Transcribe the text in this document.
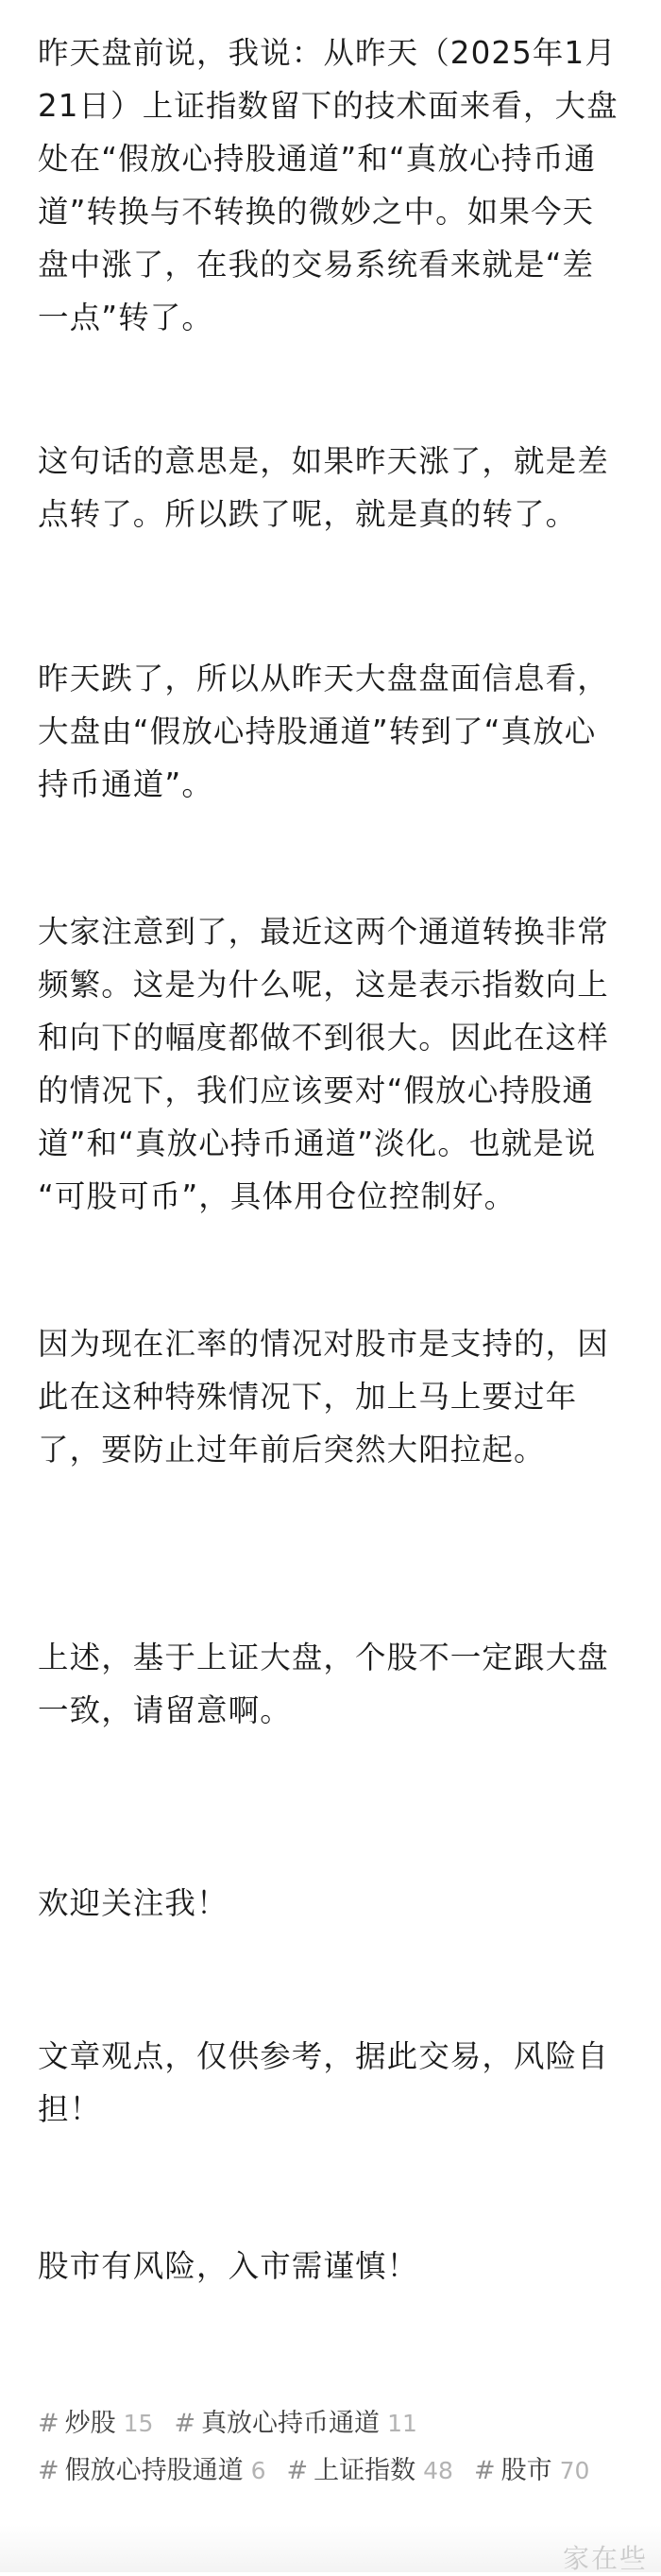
昨天盘前说，我说：从昨天（2025年1月
21日）上证指数留下的技术面来看，大盘
处在“假放心持股通道”和“真放心持币通
道”转换与不转换的微妙之中。如果今天
盘中涨了，在我的交易系统看来就是“差
一点”转了。

这句话的意思是，如果昨天涨了，就是差
点转了。所以跌了呢，就是真的转了。

昨天跌了，所以从昨天大盘盘面信息看，
大盘由“假放心持股通道”转到了“真放心
持币通道”。

大家注意到了，最近这两个通道转换非常
频繁。这是为什么呢，这是表示指数向上
和向下的幅度都做不到很大。因此在这样
的情况下，我们应该要对“假放心持股通
道”和“真放心持币通道”淡化。也就是说
“可股可币”，具体用仓位控制好。

因为现在汇率的情况对股市是支持的，因
此在这种特殊情况下，加上马上要过年
了，要防止过年前后突然大阳拉起。

上述，基于上证大盘，个股不一定跟大盘
一致，请留意啊。

欢迎关注我！

文章观点，仅供参考，据此交易，风险自
担！

股市有风险，入市需谨慎！

# 炒股 15 # 真放心持币通道 11
# 假放心持股通道 6 # 上证指数 48 # 股市 70
家在些
